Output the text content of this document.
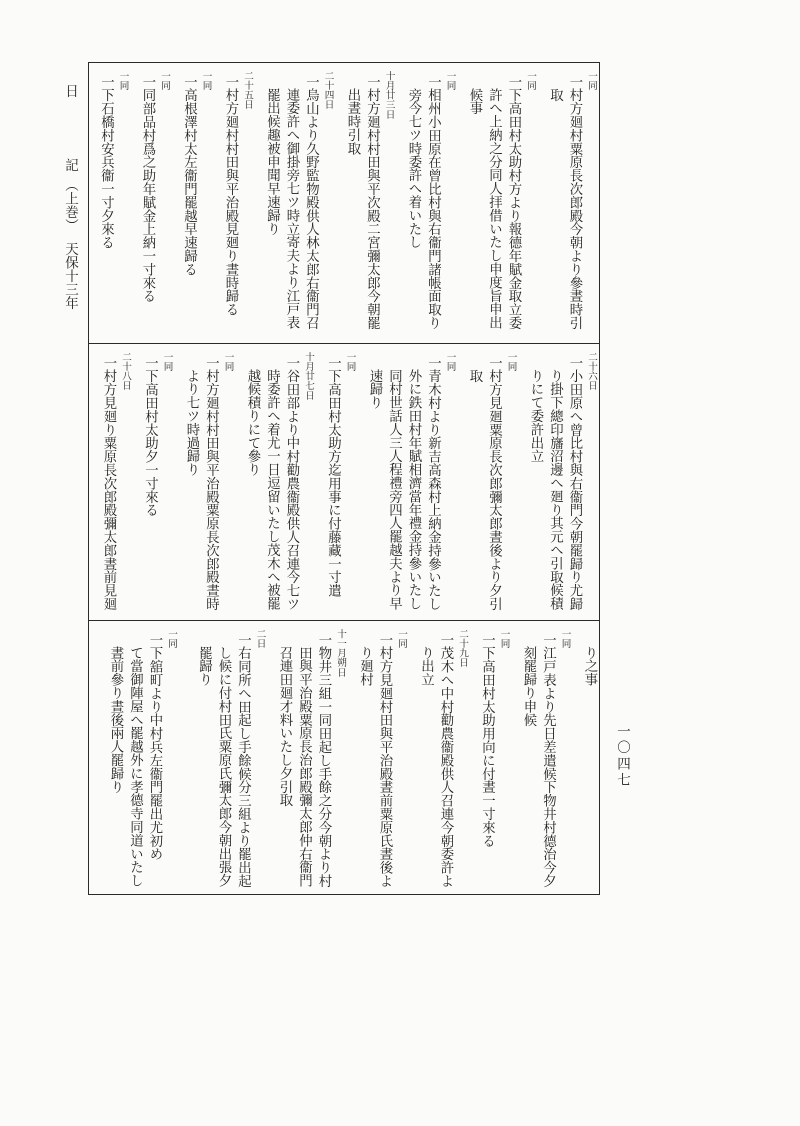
日
記
（上巻）
天保十三年
一〇四七
一同
一村方廻村粟原長次郎殿今朝より參晝時引
取
一同
一下高田村太助村方より報德年賦金取立委
許へ上納之分同人拝借いたし申度旨申出
候事
一同
一相州小田原在曾比村與右衞門諸帳面取り
旁今七ツ時委許へ着いたし
十月廿三日
一村方廻村村田與平次殿二宮彌太郎今朝罷
出晝時引取
二十四日
一烏山より久野監物殿供人林太郎右衞門召
連委許へ御掛旁七ツ時立寄夫より江戸表
罷出候趣被申聞早速歸り
二十五日
一村方廻村村田與平治殿見廻り晝時歸る
一同
一高根澤村太左衞門罷越早速歸る
一同
一同部品村爲之助年賦金上納一寸來る
一同
一下石橋村安兵衞一寸夕來る
二十六日
一小田原へ曾比村與右衞門今朝罷歸り尤歸
り掛下總印旛沼邊へ廻り其元へ引取候積
りにて委許出立
一同
一村方見廻粟原長次郎彌太郎晝後より夕引
取
一同
一青木村より新吉高森村上納金持參いたし
外に鉄田村年賦相濟當年禮金持參いたし
同村世話人三人程禮旁四人罷越夫より早
速歸り
一同
一下高田村太助方迄用事に付藤藏一寸遣
十月廿七日
一谷田部より中村勸農衞殿供人召連今七ツ
時委許へ着尤一日逗留いたし茂木へ被罷
越候積りにて參り
一同
一村方廻村村田與平治殿粟原長次郎殿晝時
より七ツ時過歸り
一同
一下高田村太助夕一寸來る
二十八日
一村方見廻り粟原長次郎殿彌太郎晝前見廻
り之事
一同
一江戸表より先日差遣候下物井村德治今夕
刻罷歸り申候
一同
一下高田村太助用向に付晝一寸來る
二十九日
一茂木へ中村勸農衞殿供人召連今朝委許よ
り出立
一同
一村方見廻村田與平治殿晝前粟原氏晝後よ
り廻村
十一月朔日
一物井三組一同田起し手餘之分今朝より村
田與平治殿粟原長治郎殿彌太郎仲右衞門
召連田廻才料いたし夕引取
二日
一右同所へ田起し手餘候分三組より罷出起
し候に付村田氏粟原氏彌太郎今朝出張夕
罷歸り
一同
一下舘町より中村兵左衞門罷出尤初め
て當御陣屋へ罷越外に孝德寺同道いたし
晝前參り晝後兩人罷歸り
